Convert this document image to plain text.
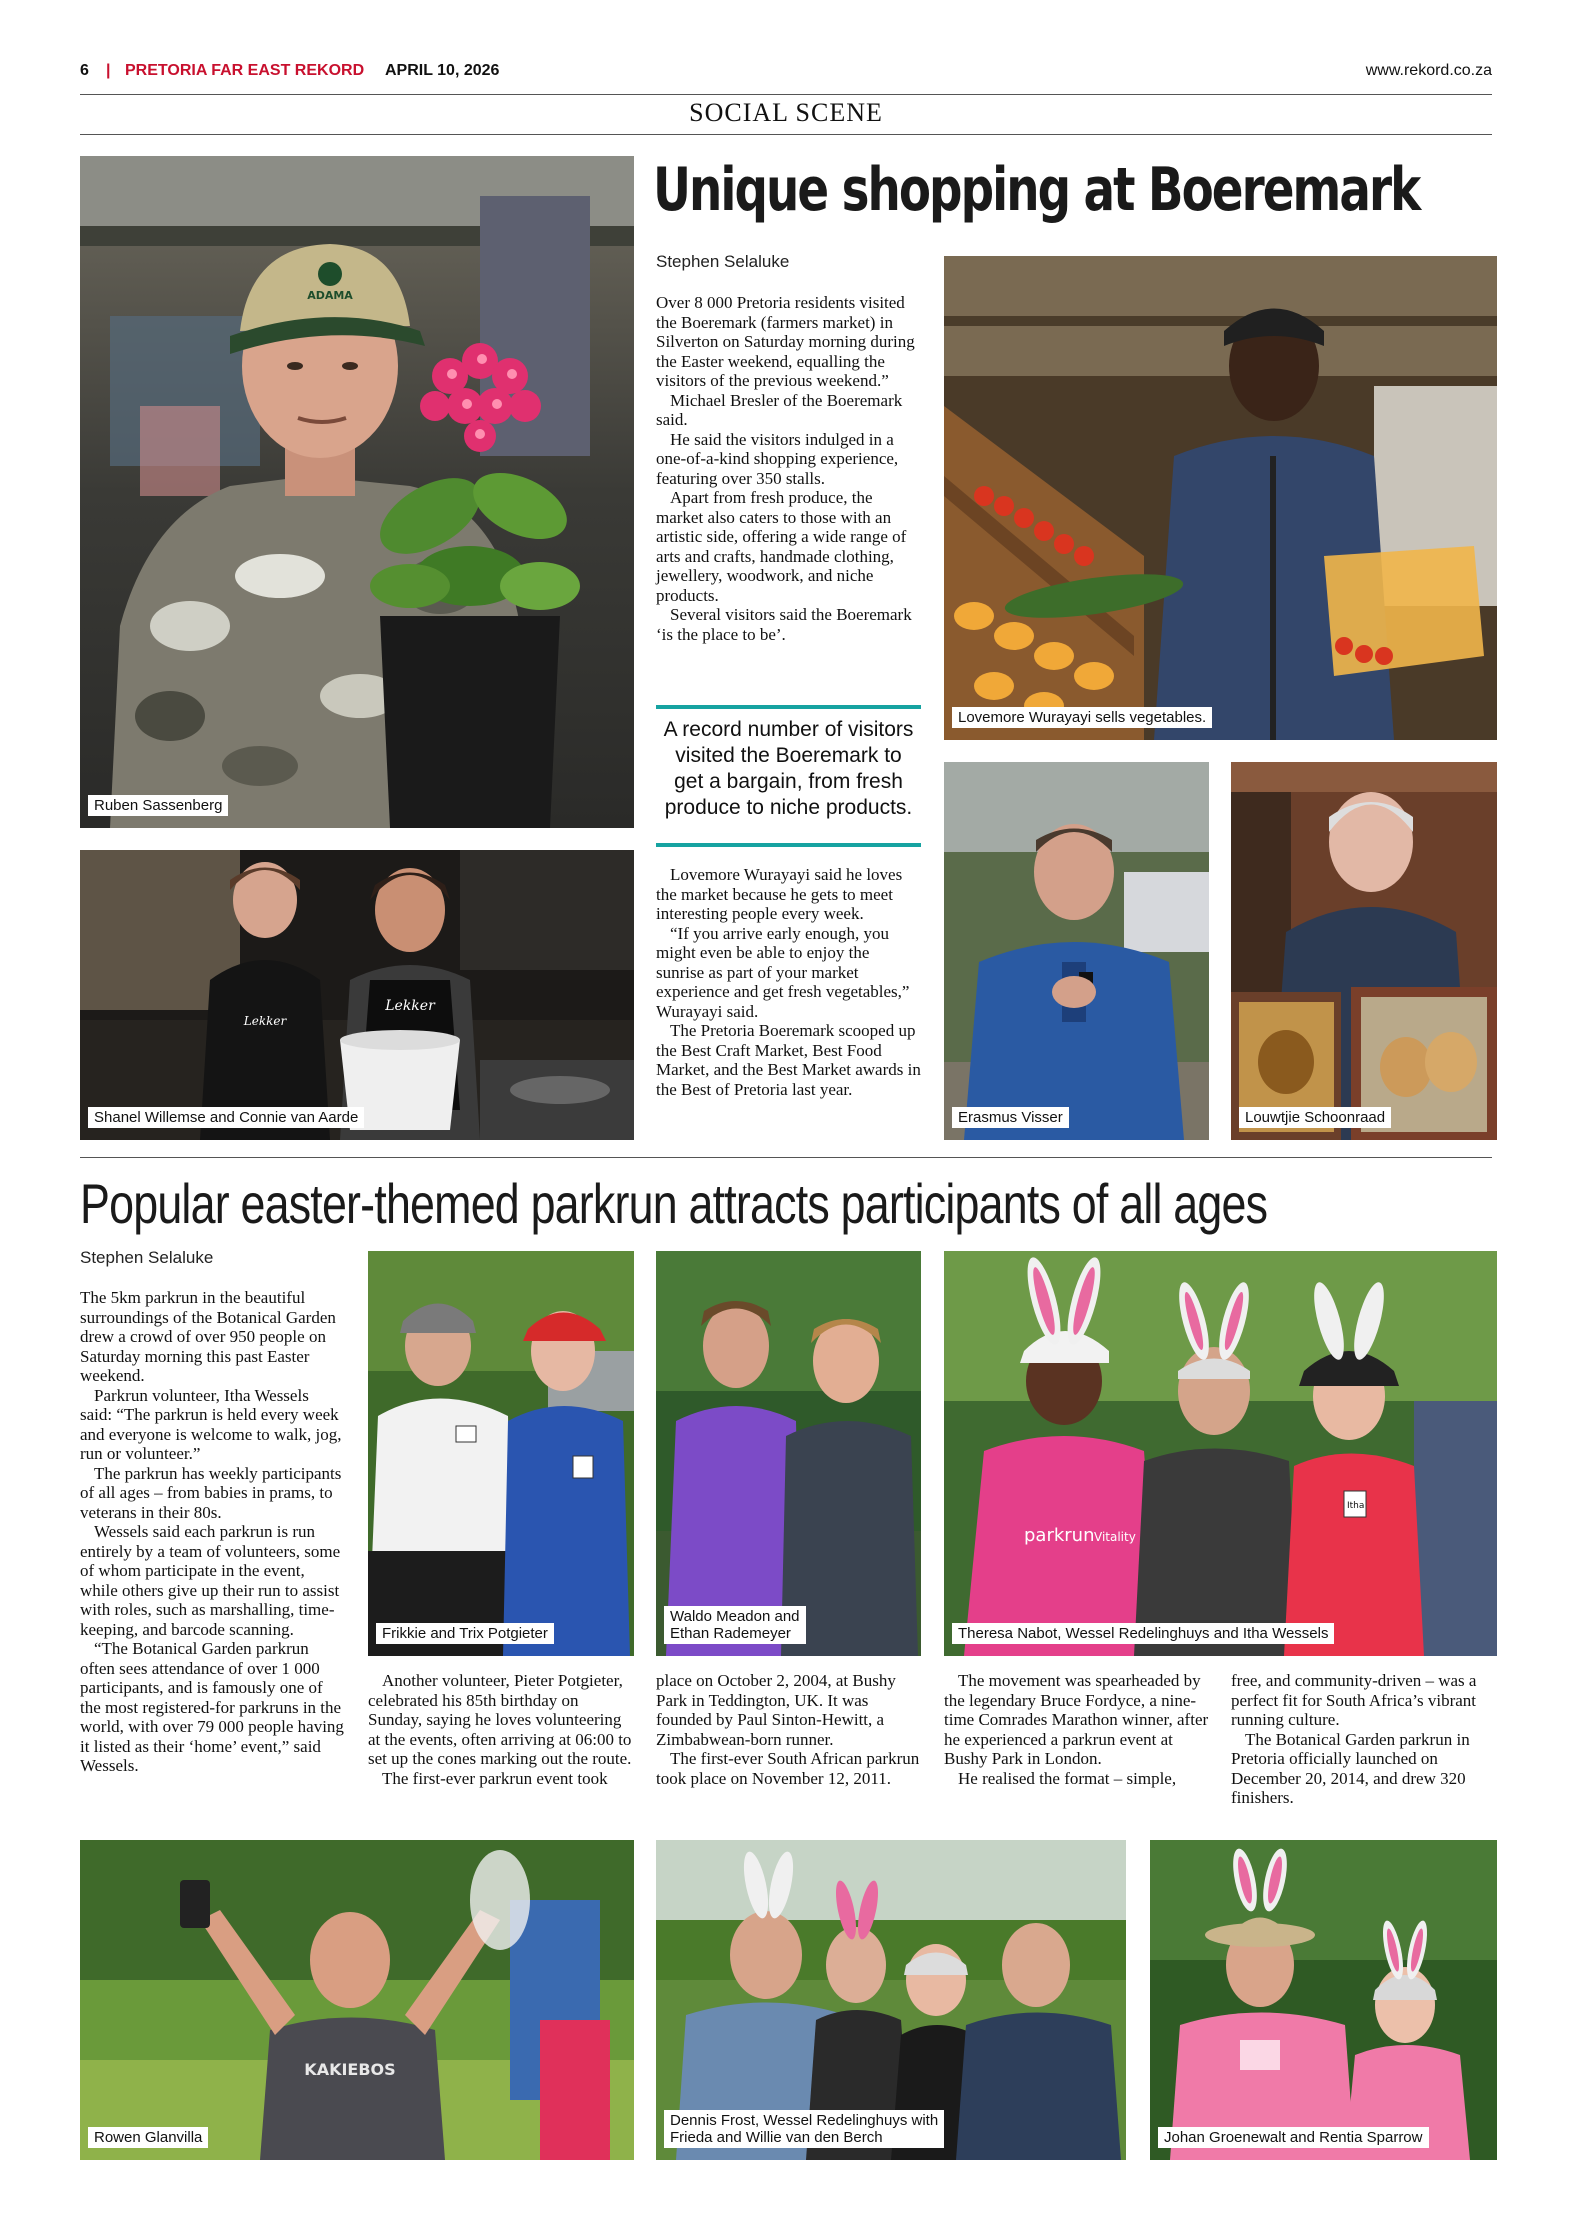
6 | PRETORIA FAR EAST REKORD APRIL 10, 2026	www.rekord.co.za
SOCIAL SCENE
ADAMA
Ruben Sassenberg
Lekker
Lekker
Shanel Willemse and Connie van Aarde
Unique shopping at Boeremark
Stephen Selaluke

Over 8 000 Pretoria residents visited the Boeremark (farmers market) in Silverton on Saturday morning during the Easter weekend, equalling the visitors of the previous weekend.”

Michael Bresler of the Boeremark said.

He said the visitors indulged in a one-of-a-kind shopping experience, featuring over 350 stalls.

Apart from fresh produce, the market also caters to those with an artistic side, offering a wide range of arts and crafts, handmade clothing, jewellery, woodwork, and niche products.

Several visitors said the Boeremark ‘is the place to be’.

A record number of visitors visited the Boeremark to get a bargain, from fresh produce to niche products.

Lovemore Wurayayi said he loves the market because he gets to meet interesting people every week.

“If you arrive early enough, you might even be able to enjoy the sunrise as part of your market experience and get fresh vegetables,” Wurayayi said.

The Pretoria Boeremark scooped up the Best Craft Market, Best Food Market, and the Best Market awards in the Best of Pretoria last year.

Lovemore Wurayayi sells vegetables.
Erasmus Visser	Louwtjie Schoonraad
Popular easter-themed parkrun attracts participants of all ages
Stephen Selaluke

The 5km parkrun in the beautiful surroundings of the Botanical Garden drew a crowd of over 950 people on Saturday morning this past Easter weekend.

Parkrun volunteer, Itha Wessels said: “The parkrun is held every week and everyone is welcome to walk, jog, run or volunteer.”

The parkrun has weekly participants of all ages – from babies in prams, to veterans in their 80s.

Wessels said each parkrun is run entirely by a team of volunteers, some of whom participate in the event, while others give up their run to assist with roles, such as marshalling, time-keeping, and barcode scanning.

“The Botanical Garden parkrun often sees attendance of over 1 000 participants, and is famously one of the most registered-for parkruns in the world, with over 79 000 people having it listed as their ‘home’ event,” said Wessels.

Frikkie and Trix Potgieter

Another volunteer, Pieter Potgieter, celebrated his 85th birthday on Sunday, saying he loves volunteering at the events, often arriving at 06:00 to set up the cones marking out the route.

The first-ever parkrun event took

Waldo Meadon and
Ethan Rademeyer

place on October 2, 2004, at Bushy Park in Teddington, UK. It was founded by Paul Sinton-Hewitt, a Zimbabwean-born runner.

The first-ever South African parkrun took place on November 12, 2011.

parkrun Vitality
Itha
Theresa Nabot, Wessel Redelinghuys and Itha Wessels

The movement was spearheaded by the legendary Bruce Fordyce, a nine-time Comrades Marathon winner, after he experienced a parkrun event at Bushy Park in London.

He realised the format – simple,

free, and community-driven – was a perfect fit for South Africa’s vibrant running culture.

The Botanical Garden parkrun in Pretoria officially launched on December 20, 2014, and drew 320 finishers.

KAKIEBOS
Rowen Glanvilla
Dennis Frost, Wessel Redelinghuys with
Frieda and Willie van den Berch	Johan Groenewalt and Rentia Sparrow
